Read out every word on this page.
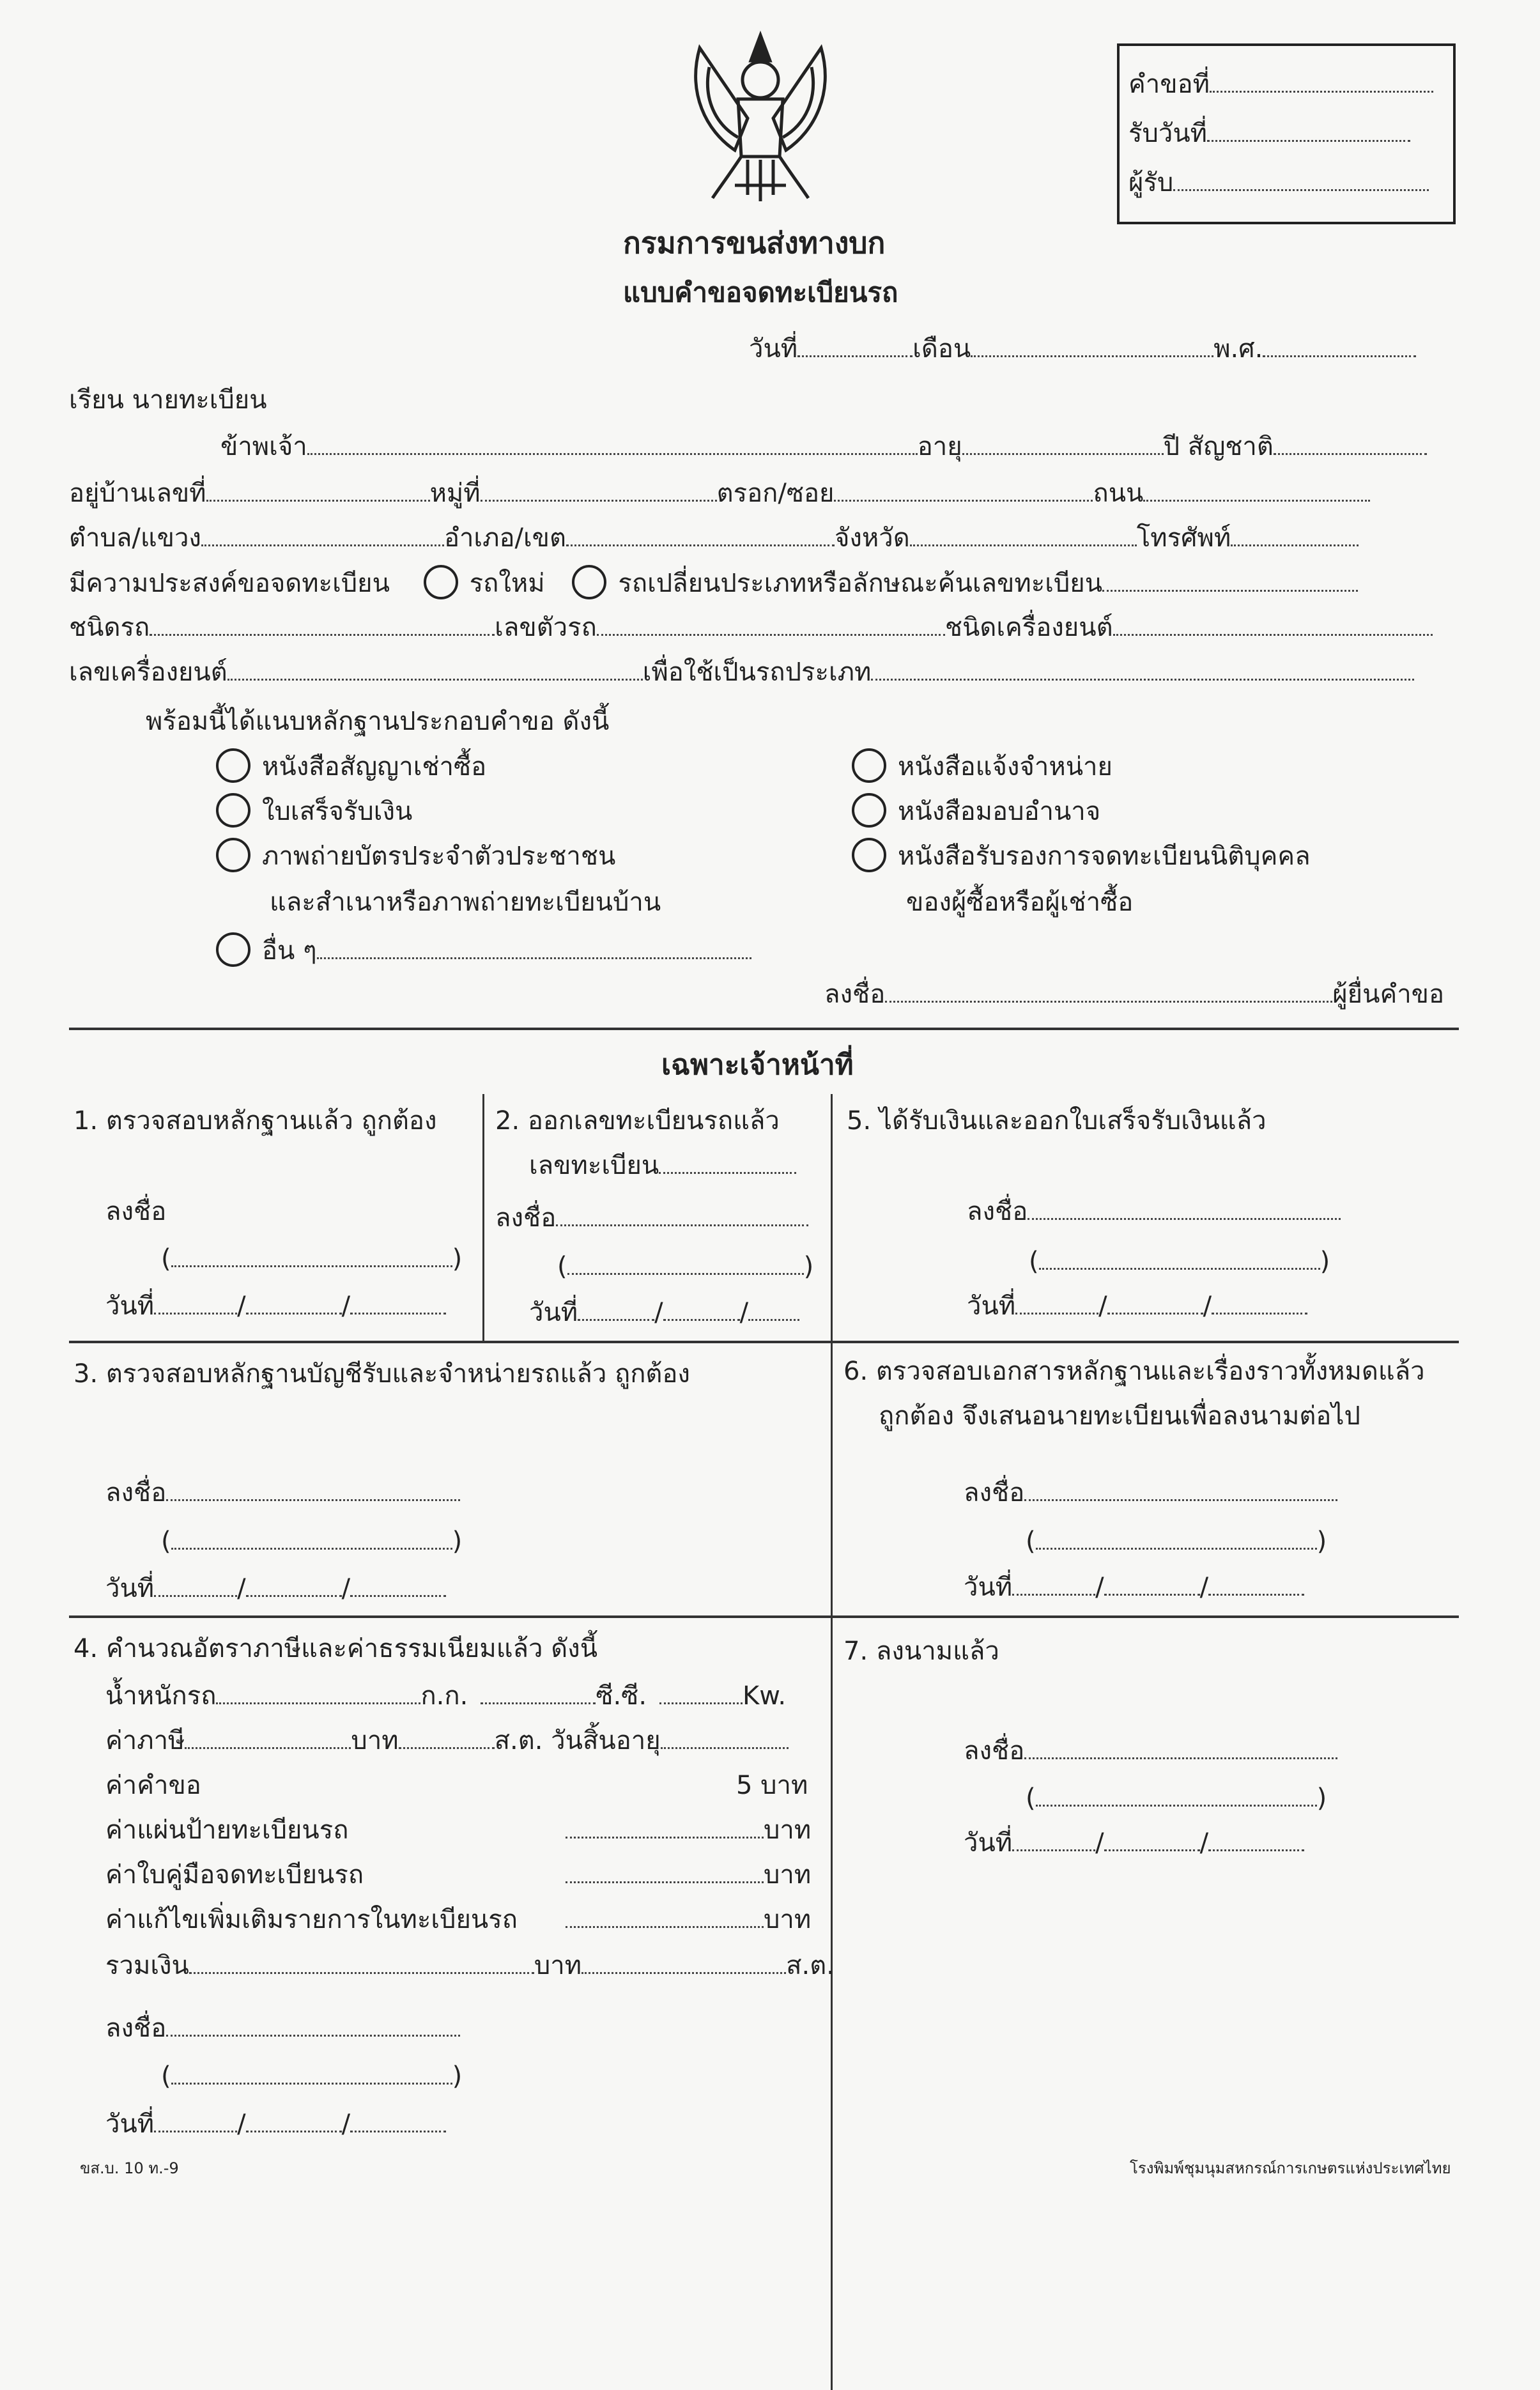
คำขอที่
รับวันที่
ผู้รับ
กรมการขนส่งทางบก
แบบคำขอจดทะเบียนรถ
วันที่	เดือน	พ.ศ.
เรียน นายทะเบียน
ข้าพเจ้า	อายุ	ปี สัญชาติ
อยู่บ้านเลขที่	หมู่ที่	ตรอก/ซอย	ถนน
ตำบล/แขวง	อำเภอ/เขต	จังหวัด	โทรศัพท์
มีความประสงค์ขอจดทะเบียน	รถใหม่	รถเปลี่ยนประเภทหรือลักษณะค้นเลขทะเบียน
ชนิดรถ	เลขตัวรถ	ชนิดเครื่องยนต์
เลขเครื่องยนต์	เพื่อใช้เป็นรถประเภท
พร้อมนี้ได้แนบหลักฐานประกอบคำขอ ดังนี้
หนังสือสัญญาเช่าซื้อ
ใบเสร็จรับเงิน
ภาพถ่ายบัตรประจำตัวประชาชน
และสำเนาหรือภาพถ่ายทะเบียนบ้าน
อื่น ๆ
หนังสือแจ้งจำหน่าย
หนังสือมอบอำนาจ
หนังสือรับรองการจดทะเบียนนิติบุคคล
ของผู้ซื้อหรือผู้เช่าซื้อ
ลงชื่อ	ผู้ยื่นคำขอ
เฉพาะเจ้าหน้าที่
1. ตรวจสอบหลักฐานแล้ว ถูกต้อง
ลงชื่อ
(	)
วันที่	/	/
2. ออกเลขทะเบียนรถแล้ว
เลขทะเบียน
ลงชื่อ
(	)
วันที่	/	/
5. ได้รับเงินและออกใบเสร็จรับเงินแล้ว
ลงชื่อ
(	)
วันที่	/	/
3. ตรวจสอบหลักฐานบัญชีรับและจำหน่ายรถแล้ว ถูกต้อง
ลงชื่อ
(	)
วันที่	/	/
6. ตรวจสอบเอกสารหลักฐานและเรื่องราวทั้งหมดแล้ว
ถูกต้อง จึงเสนอนายทะเบียนเพื่อลงนามต่อไป
ลงชื่อ
(	)
วันที่	/	/
4. คำนวณอัตราภาษีและค่าธรรมเนียมแล้ว ดังนี้
น้ำหนักรถ	ก.ก.	ซี.ซี.	Kw.
ค่าภาษี	บาท	ส.ต. วันสิ้นอายุ
ค่าคำขอ	5 บาท
ค่าแผ่นป้ายทะเบียนรถ	บาท
ค่าใบคู่มือจดทะเบียนรถ	บาท
ค่าแก้ไขเพิ่มเติมรายการในทะเบียนรถ	บาท
รวมเงิน	บาท	ส.ต.
ลงชื่อ
(	)
วันที่	/	/
7. ลงนามแล้ว
ลงชื่อ
(	)
วันที่	/	/
ขส.บ. 10 ท.-9	โรงพิมพ์ชุมนุมสหกรณ์การเกษตรแห่งประเทศไทย
